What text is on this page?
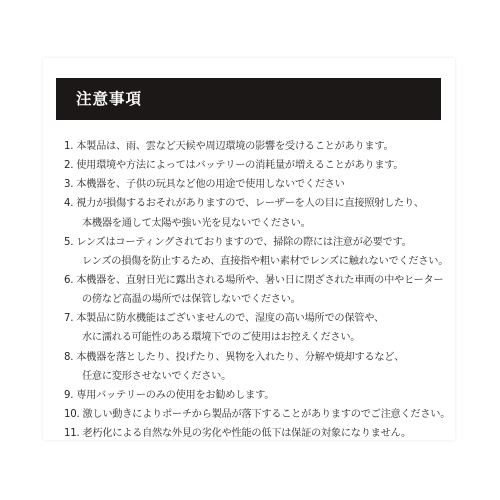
注意事項
1. 本製品は、雨、雲など天候や周辺環境の影響を受けることがあります。
2. 使用環境や方法によってはバッテリーの消耗量が増えることがあります。
3. 本機器を、子供の玩具など他の用途で使用しないでください
4. 視力が損傷するおそれがありますので、レーザーを人の目に直接照射したり、
本機器を通して太陽や強い光を見ないでください。
5. レンズはコーティングされておりますので、掃除の際には注意が必要です。
レンズの損傷を防止するため、直接指や粗い素材でレンズに触れないでください。
6. 本機器を、直射日光に露出される場所や、暑い日に閉ざされた車両の中やヒーター
の傍など高温の場所では保管しないでください。
7. 本製品に防水機能はございませんので、湿度の高い場所での保管や、
水に濡れる可能性のある環境下でのご使用はお控えください。
8. 本機器を落としたり、投げたり、異物を入れたり、分解や焼却するなど、
任意に変形させないでください。
9. 専用バッテリーのみの使用をお勧めします。
10. 激しい動きによりポーチから製品が落下することがありますのでご注意ください。
11. 老朽化による自然な外見の劣化や性能の低下は保証の対象になりません。
